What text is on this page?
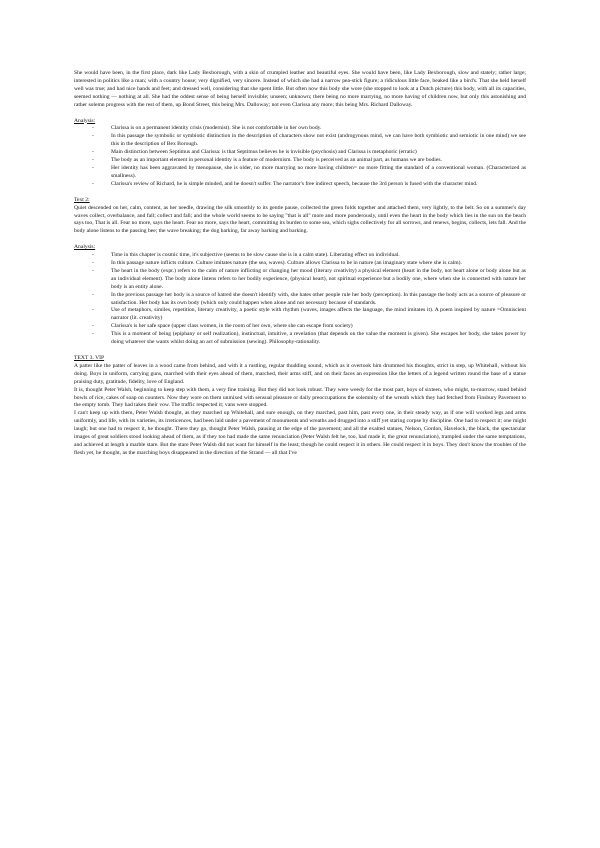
She would have been, in the first place, dark like Lady Bexborough, with a skin of crumpled leather and beautiful eyes. She would have been, like Lady Bexborough, slow and stately; rather large; interested in politics like a man; with a country house; very dignified, very sincere. Instead of which she had a narrow pea-stick figure; a ridiculous little face, beaked like a bird's. That she held herself well was true; and had nice hands and feet; and dressed well, considering that she spent little. But often now this body she wore (she stopped to look at a Dutch picture) this body, with all its capacities, seemed nothing — nothing at all. She had the oddest sense of being herself invisible; unseen; unknown; there being no more marrying, no more having of children now, but only this astonishing and rather solemn progress with the rest of them, up Bond Street, this being Mrs. Dalloway; not even Clarissa any more; this being Mrs. Richard Dalloway.

Analysis:

- Clarissa is on a permanent identity crisis (modernist). She is not comfortable in her own body.
- In this passage the symbolic or symbiotic distinction in the description of characters show not exist (androgynous mind, we can have both symbiotic and semiotic in one mind) we see this in the description of Bex Borough.
- Main distinction between Septimus and Clarissa: is that Septimus believes he is invisible (psychosis) and Clarissa is metaphoric (erratic)
- The body as an important element in personal identity is a feature of modernism. The body is perceived as an animal part, as humans we are bodies.
- Her identity has been aggravated by menopause, she is older, no more marrying no more having children= no more fitting the standard of a conventional woman. (Characterized as smallness).
- Clarissa's review of Richard, he is simple minded, and he doesn't suffer. The narrator's free indirect speech, because the 3rd person is fused with the character mind.

Text 2:

Quiet descended on her, calm, content, as her needle, drawing the silk smoothly to its gentle pause, collected the green folds together and attached them, very lightly, to the belt. So on a summer's day waves collect, overbalance, and fall; collect and fall; and the whole world seems to be saying "that is all" more and more ponderously, until even the heart in the body which lies in the sun on the beach says too, That is all. Fear no more, says the heart. Fear no more, says the heart, committing its burden to some sea, which sighs collectively for all sorrows, and renews, begins, collects, lets fall. And the body alone listens to the passing bee; the wave breaking; the dog barking, far away barking and barking.

Analysis:

- Time in this chapter is cosmic time, it's subjective (seems to be slow cause she is in a calm state). Liberating effect on individual.
- In this passage nature inflicts culture. Culture imitates nature (the sea, waves). Culture allows Clarissa to be in nature (an imaginary state where she is calm).
- The heart in the body (expr.) refers to the calm of nature inflicting or changing her mood (literary creativity) a physical element (heart in the body, not heart alone or body alone but as an individual element). The body alone listens refers to her bodily experience, (physical heart), not spiritual experience but a bodily one, where when she is connected with nature her body is an entity alone.
- In the previous passage her body is a source of hatred she doesn't identify with, she hates other people rule her body (perception). In this passage the body acts as a source of pleasure or satisfaction. Her body has its own body (which only could happen when alone and not necessary because of standards.
- Use of metaphors, similes, repetition, literary creativity, a poetic style with rhythm (waves, images affects the language, the mind imitates it). A poem inspired by nature =Omniscient narrator (lit. creativity)
- Clarissa's is her safe space (upper class women, in the room of her own, where she can escape from society)
- This is a moment of being (epiphany or self realization), instinctual, intuitive, a revelation (that depends on the value the moment is given). She escapes her body, she takes power by doing whatever she wants whilst doing an act of submission (sewing). Philosophy-rationality.

TEXT 3. VIP

A patter like the patter of leaves in a wood came from behind, and with it a rustling, regular thudding sound, which as it overtook him drummed his thoughts, strict in step, up Whitehall, without his doing. Boys in uniform, carrying guns, marched with their eyes ahead of them, marched, their arms stiff, and on their faces an expression like the letters of a legend written round the base of a statue praising duty, gratitude, fidelity, love of England.

It is, thought Peter Walsh, beginning to keep step with them, a very fine training. But they did not look robust. They were weedy for the most part, boys of sixteen, who might, to-morrow, stand behind bowls of rice, cakes of soap on counters. Now they wore on them unmixed with sensual pleasure or daily preoccupations the solemnity of the wreath which they had fetched from Finsbury Pavement to the empty tomb. They had taken their vow. The traffic respected it; vans were stopped.

I can't keep up with them, Peter Walsh thought, as they marched up Whitehall, and sure enough, on they marched, past him, past every one, in their steady way, as if one will worked legs and arms uniformly, and life, with its varieties, its irreticences, had been laid under a pavement of monuments and wreaths and drugged into a stiff yet staring corpse by discipline. One had to respect it; one might laugh; but one had to respect it, he thought. There they go, thought Peter Walsh, pausing at the edge of the pavement; and all the exalted statues, Nelson, Gordon, Havelock, the black, the spectacular images of great soldiers stood looking ahead of them, as if they too had made the same renunciation (Peter Walsh felt he, too, had made it, the great renunciation), trampled under the same temptations, and achieved at length a marble stare. But the stare Peter Walsh did not want for himself in the least; though he could respect it in others. He could respect it in boys. They don't know the troubles of the flesh yet, he thought, as the marching boys disappeared in the direction of the Strand — all that I've
